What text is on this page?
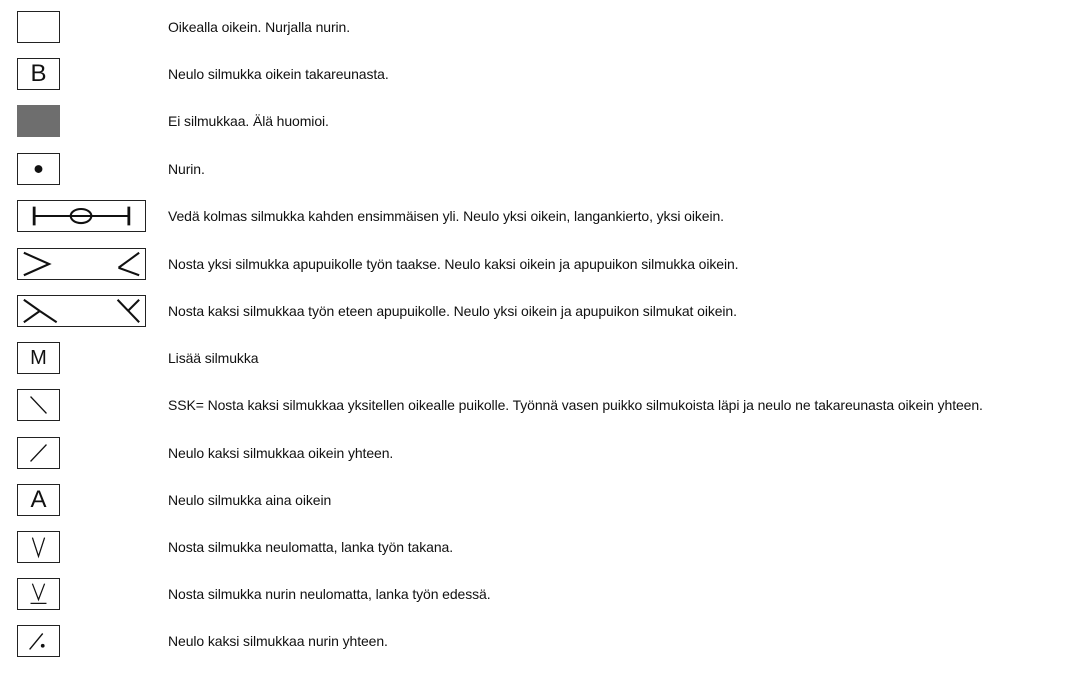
Oikealla oikein. Nurjalla nurin.
B	Neulo silmukka oikein takareunasta.
Ei silmukkaa. Älä huomioi.
Nurin.
Vedä kolmas silmukka kahden ensimmäisen yli. Neulo yksi oikein, langankierto, yksi oikein.
Nosta yksi silmukka apupuikolle työn taakse. Neulo kaksi oikein ja apupuikon silmukka oikein.
Nosta kaksi silmukkaa työn eteen apupuikolle. Neulo yksi oikein ja apupuikon silmukat oikein.
M	Lisää silmukka
SSK= Nosta kaksi silmukkaa yksitellen oikealle puikolle. Työnnä vasen puikko silmukoista läpi ja neulo ne takareunasta oikein yhteen.
Neulo kaksi silmukkaa oikein yhteen.
A	Neulo silmukka aina oikein
Nosta silmukka neulomatta, lanka työn takana.
Nosta silmukka nurin neulomatta, lanka työn edessä.
Neulo kaksi silmukkaa nurin yhteen.
